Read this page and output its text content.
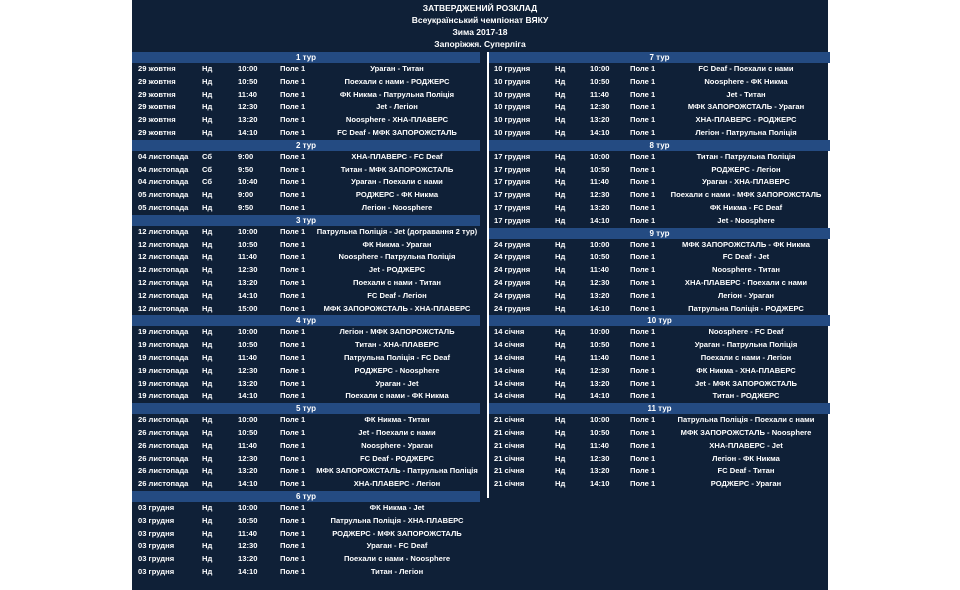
ЗАТВЕРДЖЕНИЙ РОЗКЛАД
Всеукраїнський чемпіонат ВЯКУ
Зима 2017-18
Запоріжжя. Суперліга
1 тур
29 жовтня	Нд	10:00	Поле 1	Ураган - Титан
29 жовтня	Нд	10:50	Поле 1	Поехали с нами - РОДЖЕРС
29 жовтня	Нд	11:40	Поле 1	ФК Никма - Патрульна Поліція
29 жовтня	Нд	12:30	Поле 1	Jet - Легіон
29 жовтня	Нд	13:20	Поле 1	Noosphere - ХНА-ПЛАВЕРС
29 жовтня	Нд	14:10	Поле 1	FC Deaf - МФК ЗАПОРОЖСТАЛЬ
2 тур
04 листопада Сб	9:00	Поле 1	ХНА-ПЛАВЕРС - FC Deaf
04 листопада Сб	9:50	Поле 1	Титан - МФК ЗАПОРОЖСТАЛЬ
04 листопада Сб	10:40	Поле 1	Ураган - Поехали с нами
05 листопада Нд	9:00	Поле 1	РОДЖЕРС - ФК Никма
05 листопада Нд	9:50	Поле 1	Легіон - Noosphere
3 тур
12 листопада Нд	10:00	Поле 1	Патрульна Поліція - Jet (догравання 2 тур)
12 листопада Нд	10:50	Поле 1	ФК Никма - Ураган
12 листопада Нд	11:40	Поле 1	Noosphere - Патрульна Поліція
12 листопада Нд	12:30	Поле 1	Jet - РОДЖЕРС
12 листопада Нд	13:20	Поле 1	Поехали с нами - Титан
12 листопада Нд	14:10	Поле 1	FC Deaf - Легіон
12 листопада Нд	15:00	Поле 1	МФК ЗАПОРОЖСТАЛЬ - ХНА-ПЛАВЕРС
4 тур
19 листопада Нд	10:00	Поле 1	Легіон - МФК ЗАПОРОЖСТАЛЬ
19 листопада Нд	10:50	Поле 1	Титан - ХНА-ПЛАВЕРС
19 листопада Нд	11:40	Поле 1	Патрульна Поліція - FC Deaf
19 листопада Нд	12:30	Поле 1	РОДЖЕРС - Noosphere
19 листопада Нд	13:20	Поле 1	Ураган - Jet
19 листопада Нд	14:10	Поле 1	Поехали с нами - ФК Никма
5 тур
26 листопада Нд	10:00	Поле 1	ФК Никма - Титан
26 листопада Нд	10:50	Поле 1	Jet - Поехали с нами
26 листопада Нд	11:40	Поле 1	Noosphere - Ураган
26 листопада Нд	12:30	Поле 1	FC Deaf - РОДЖЕРС
26 листопада Нд	13:20	Поле 1 МФК ЗАПОРОЖСТАЛЬ - Патрульна Поліція
26 листопада Нд	14:10	Поле 1	ХНА-ПЛАВЕРС - Легіон
6 тур
03 грудня	Нд	10:00	Поле 1	ФК Никма - Jet
03 грудня	Нд	10:50	Поле 1	Патрульна Поліція - ХНА-ПЛАВЕРС
03 грудня	Нд	11:40	Поле 1	РОДЖЕРС - МФК ЗАПОРОЖСТАЛЬ
03 грудня	Нд	12:30	Поле 1	Ураган - FC Deaf
03 грудня	Нд	13:20	Поле 1	Поехали с нами - Noosphere
03 грудня	Нд	14:10	Поле 1	Титан - Легіон
7 тур
10 грудня	Нд	10:00	Поле 1	FC Deaf - Поехали с нами
10 грудня	Нд	10:50	Поле 1	Noosphere - ФК Никма
10 грудня	Нд	11:40	Поле 1	Jet - Титан
10 грудня	Нд	12:30	Поле 1	МФК ЗАПОРОЖСТАЛЬ - Ураган
10 грудня	Нд	13:20	Поле 1	ХНА-ПЛАВЕРС - РОДЖЕРС
10 грудня	Нд	14:10	Поле 1	Легіон - Патрульна Поліція
8 тур
17 грудня	Нд	10:00	Поле 1	Титан - Патрульна Поліція
17 грудня	Нд	10:50	Поле 1	РОДЖЕРС - Легіон
17 грудня	Нд	11:40	Поле 1	Ураган - ХНА-ПЛАВЕРС
17 грудня	Нд	12:30	Поле 1	Поехали с нами - МФК ЗАПОРОЖСТАЛЬ
17 грудня	Нд	13:20	Поле 1	ФК Никма - FC Deaf
17 грудня	Нд	14:10	Поле 1	Jet - Noosphere
9 тур
24 грудня	Нд	10:00	Поле 1	МФК ЗАПОРОЖСТАЛЬ - ФК Никма
24 грудня	Нд	10:50	Поле 1	FC Deaf - Jet
24 грудня	Нд	11:40	Поле 1	Noosphere - Титан
24 грудня	Нд	12:30	Поле 1	ХНА-ПЛАВЕРС - Поехали с нами
24 грудня	Нд	13:20	Поле 1	Легіон - Ураган
24 грудня	Нд	14:10	Поле 1	Патрульна Поліція - РОДЖЕРС
10 тур
14 січня	Нд	10:00	Поле 1	Noosphere - FC Deaf
14 січня	Нд	10:50	Поле 1	Ураган - Патрульна Поліція
14 січня	Нд	11:40	Поле 1	Поехали с нами - Легіон
14 січня	Нд	12:30	Поле 1	ФК Никма - ХНА-ПЛАВЕРС
14 січня	Нд	13:20	Поле 1	Jet - МФК ЗАПОРОЖСТАЛЬ
14 січня	Нд	14:10	Поле 1	Титан - РОДЖЕРС
11 тур
21 січня	Нд	10:00	Поле 1	Патрульна Поліція - Поехали с нами
21 січня	Нд	10:50	Поле 1	МФК ЗАПОРОЖСТАЛЬ - Noosphere
21 січня	Нд	11:40	Поле 1	ХНА-ПЛАВЕРС - Jet
21 січня	Нд	12:30	Поле 1	Легіон - ФК Никма
21 січня	Нд	13:20	Поле 1	FC Deaf - Титан
21 січня	Нд	14:10	Поле 1	РОДЖЕРС - Ураган
